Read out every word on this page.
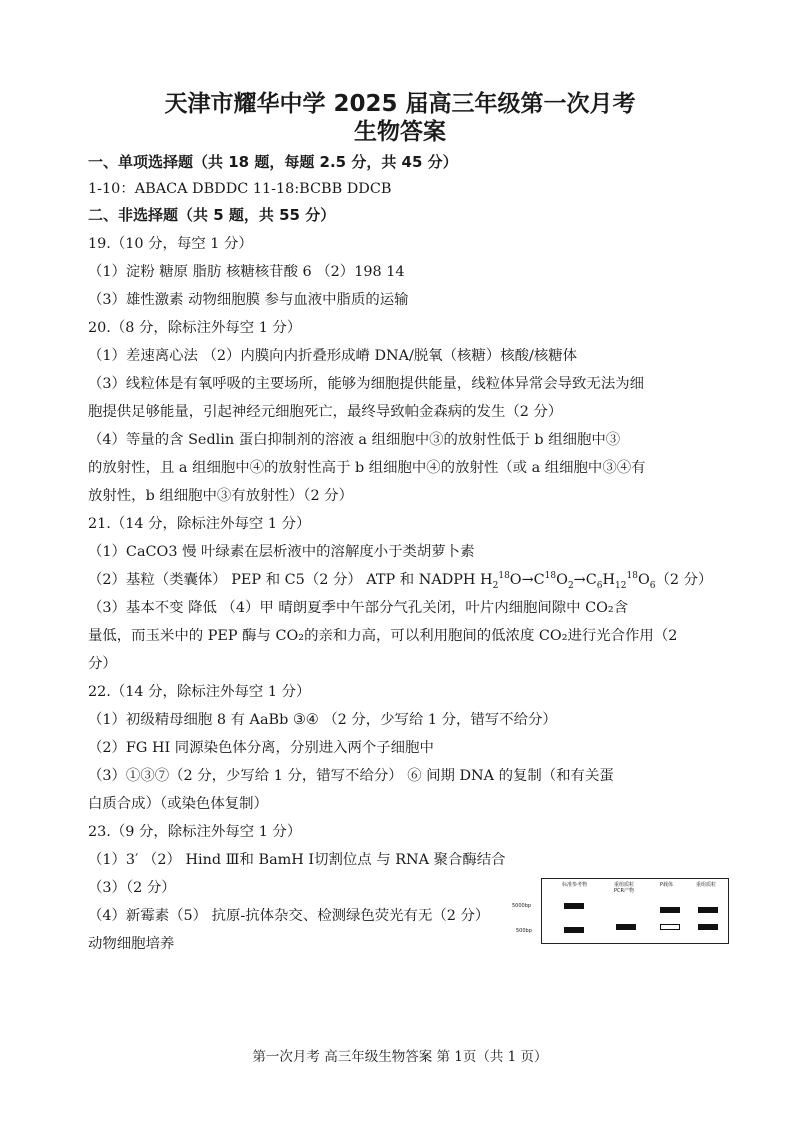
天津市耀华中学 2025 届高三年级第一次月考
生物答案
一、单项选择题（共 18 题，每题 2.5 分，共 45 分）
1-10：ABACA DBDDC 11-18:BCBB DDCB
二、非选择题（共 5 题，共 55 分）
19.（10 分，每空 1 分）
（1）淀粉 糖原 脂肪 核糖核苷酸 6 （2）198 14
（3）雄性激素 动物细胞膜 参与血液中脂质的运输
20.（8 分，除标注外每空 1 分）
（1）差速离心法 （2）内膜向内折叠形成嵴 DNA/脱氧（核糖）核酸/核糖体
（3）线粒体是有氧呼吸的主要场所，能够为细胞提供能量，线粒体异常会导致无法为细
胞提供足够能量，引起神经元细胞死亡，最终导致帕金森病的发生（2 分）
（4）等量的含 Sedlin 蛋白抑制剂的溶液 a 组细胞中③的放射性低于 b 组细胞中③
的放射性，且 a 组细胞中④的放射性高于 b 组细胞中④的放射性（或 a 组细胞中③④有
放射性，b 组细胞中③有放射性）（2 分）
21.（14 分，除标注外每空 1 分）
（1）CaCO3 慢 叶绿素在层析液中的溶解度小于类胡萝卜素
（2）基粒（类囊体） PEP 和 C5（2 分） ATP 和 NADPH $H_2^{18}O\to C^{18}O_2\to C_6H_{12}^{18}O_6(2$ 分）
（3）基本不变 降低 （4）甲 晴朗夏季中午部分气孔关闭，叶片内细胞间隙中 CO₂含
量低，而玉米中的 PEP 酶与 CO₂的亲和力高，可以利用胞间的低浓度 CO₂进行光合作用（2
分）
22.（14 分，除标注外每空 1 分）
（1）初级精母细胞 8 有 AaBb ③④ （2 分，少写给 1 分，错写不给分）
（2）FG HI 同源染色体分离，分别进入两个子细胞中
（3）①③⑦（2 分，少写给 1 分，错写不给分） ⑥ 间期 DNA 的复制（和有关蛋
白质合成）（或染色体复制）
23.（9 分，除标注外每空 1 分）
（1）3′ （2） Hind Ⅲ和 BamH Ⅰ切割位点 与 RNA 聚合酶结合
（3）（2 分）
（4）新霉素（5） 抗原-抗体杂交、检测绿色荧光有无（2 分）
动物细胞培养
标准参考物	重组质粒PCR产物
P载体	重组质粒
5000bp
500bp
第一次月考 高三年级生物答案 第 1页（共 1 页）
